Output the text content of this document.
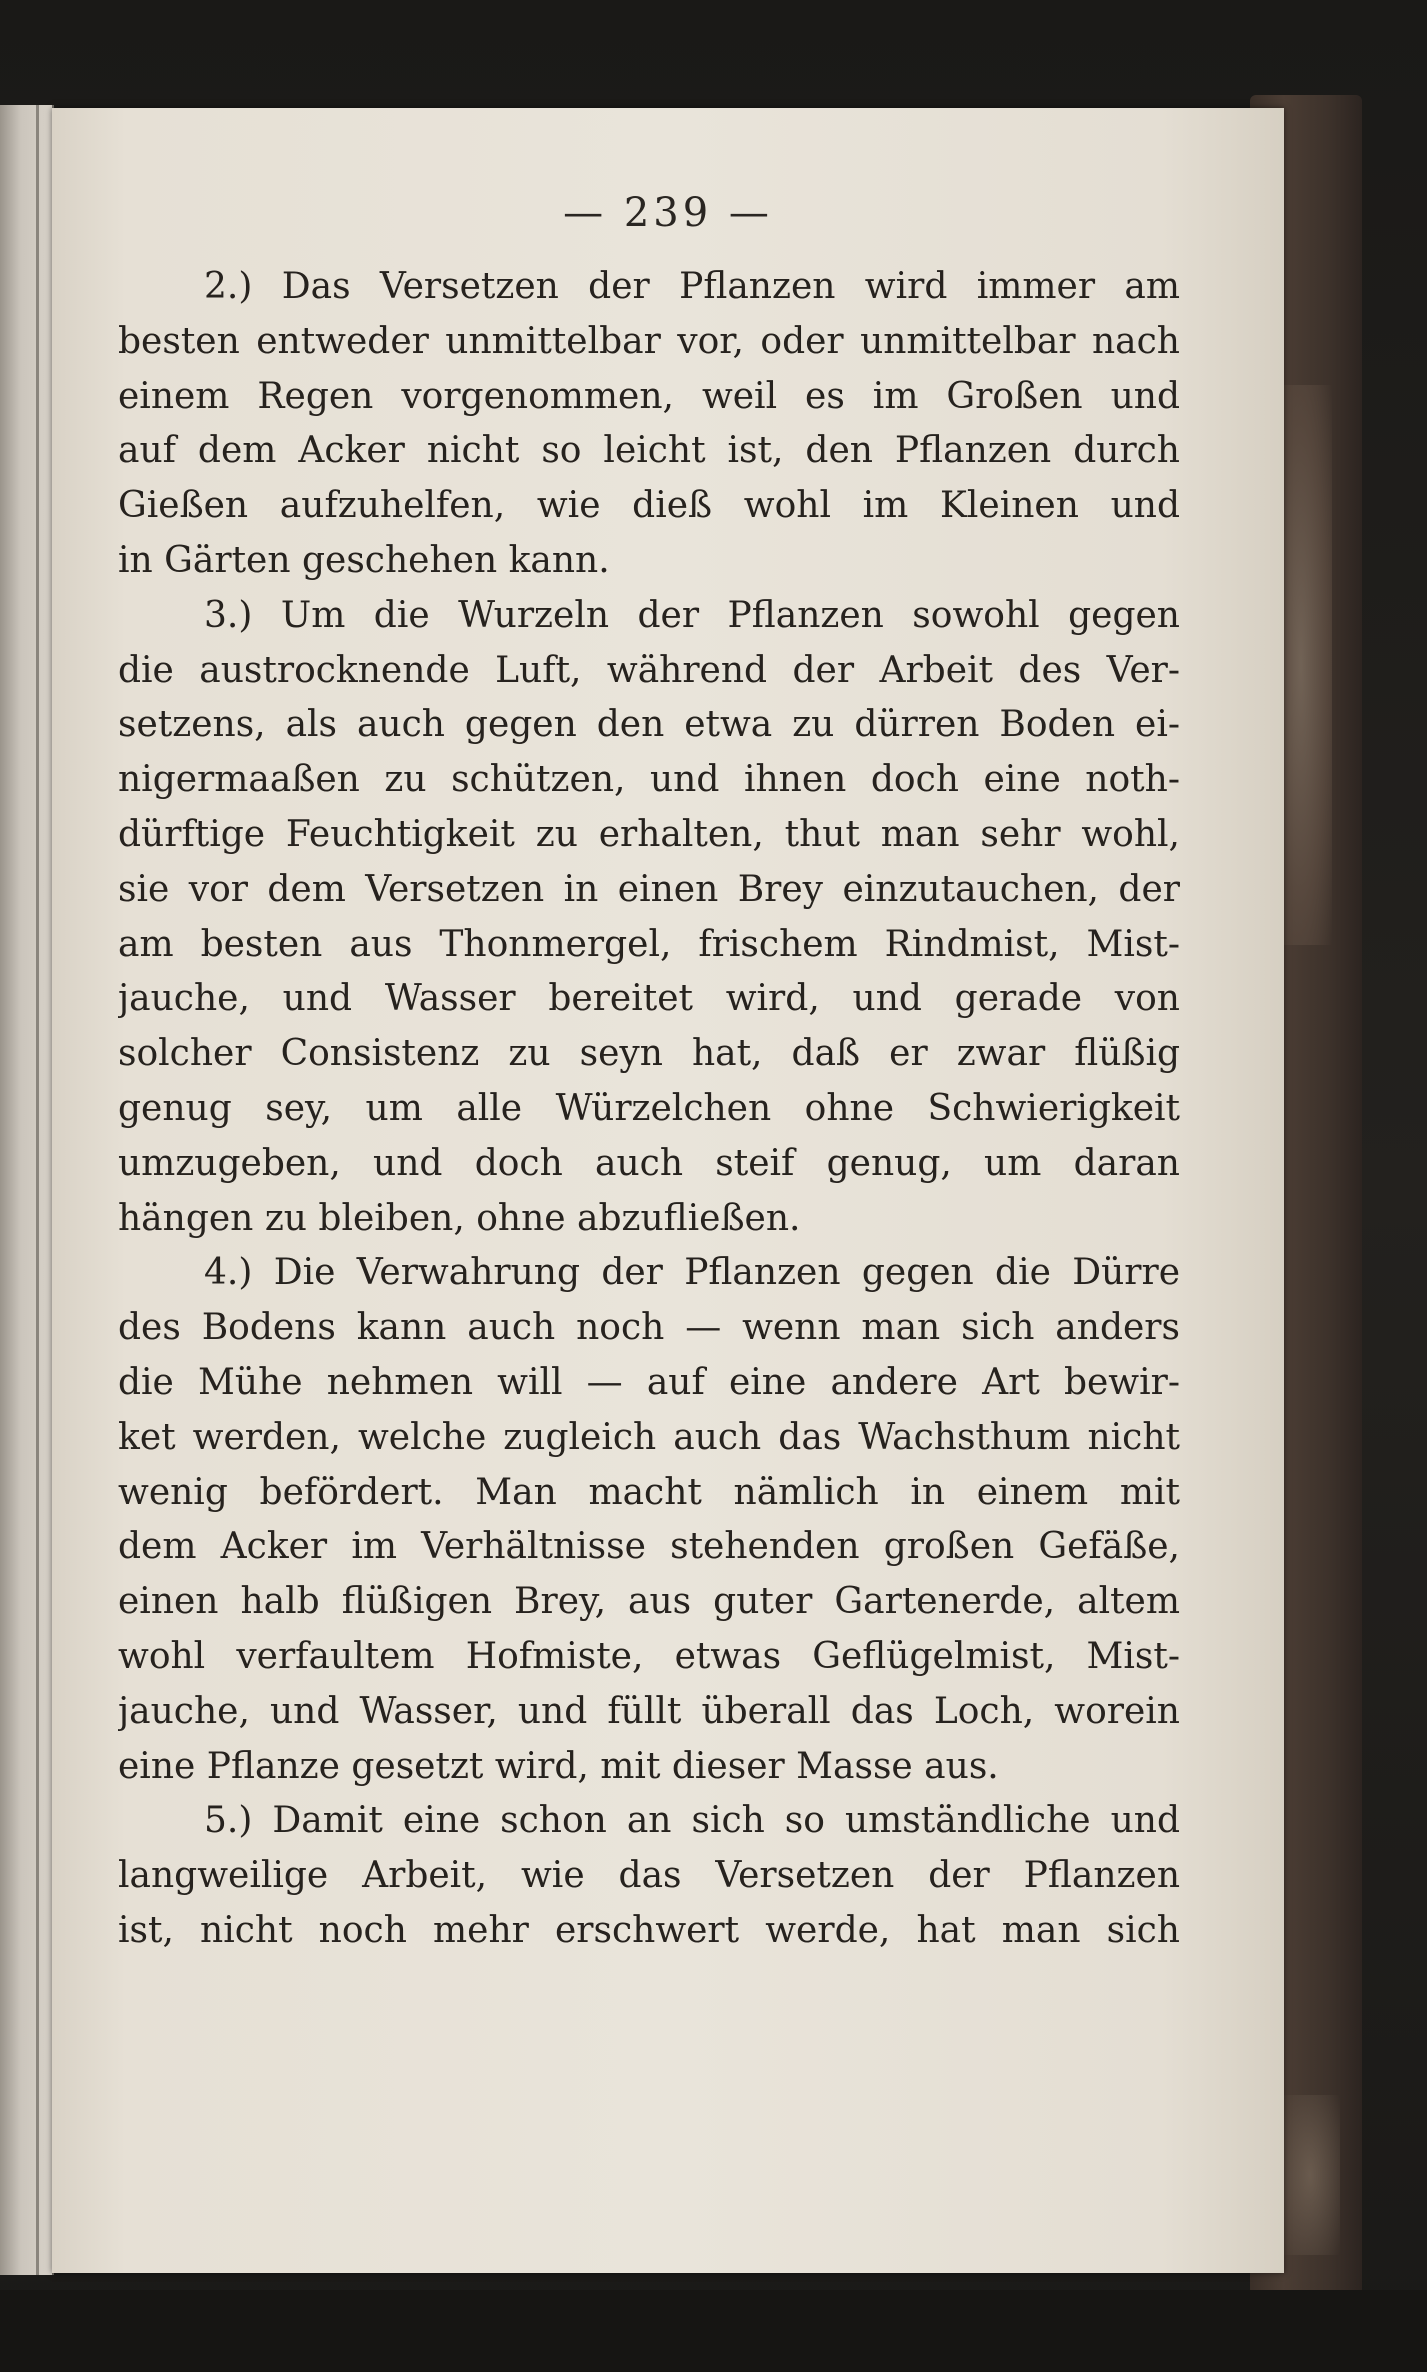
— 239 —
2.) Das Versetzen der Pflanzen wird immer am
besten entweder unmittelbar vor, oder unmittelbar nach
einem Regen vorgenommen, weil es im Großen und
auf dem Acker nicht so leicht ist, den Pflanzen durch
Gießen aufzuhelfen, wie dieß wohl im Kleinen und
in Gärten geschehen kann.
3.) Um die Wurzeln der Pflanzen sowohl gegen
die austrocknende Luft, während der Arbeit des Ver-
setzens, als auch gegen den etwa zu dürren Boden ei-
nigermaaßen zu schützen, und ihnen doch eine noth-
dürftige Feuchtigkeit zu erhalten, thut man sehr wohl,
sie vor dem Versetzen in einen Brey einzutauchen, der
am besten aus Thonmergel, frischem Rindmist, Mist-
jauche, und Wasser bereitet wird, und gerade von
solcher Consistenz zu seyn hat, daß er zwar flüßig
genug sey, um alle Würzelchen ohne Schwierigkeit
umzugeben, und doch auch steif genug, um daran
hängen zu bleiben, ohne abzufließen.
4.) Die Verwahrung der Pflanzen gegen die Dürre
des Bodens kann auch noch — wenn man sich anders
die Mühe nehmen will — auf eine andere Art bewir-
ket werden, welche zugleich auch das Wachsthum nicht
wenig befördert. Man macht nämlich in einem mit
dem Acker im Verhältnisse stehenden großen Gefäße,
einen halb flüßigen Brey, aus guter Gartenerde, altem
wohl verfaultem Hofmiste, etwas Geflügelmist, Mist-
jauche, und Wasser, und füllt überall das Loch, worein
eine Pflanze gesetzt wird, mit dieser Masse aus.
5.) Damit eine schon an sich so umständliche und
langweilige Arbeit, wie das Versetzen der Pflanzen
ist, nicht noch mehr erschwert werde, hat man sich
